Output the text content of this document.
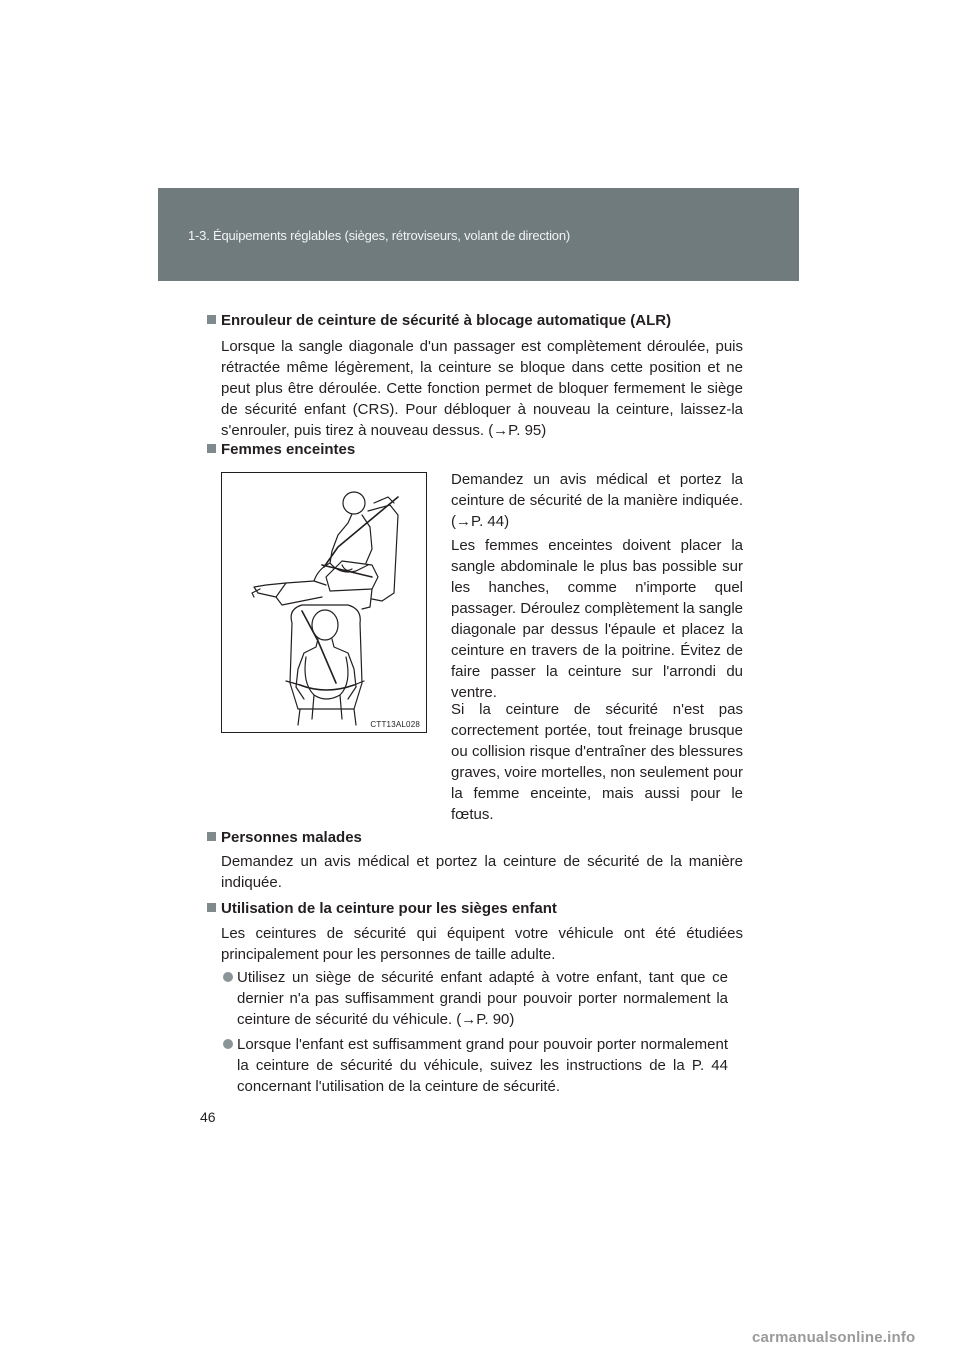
1-3. Équipements réglables (sièges, rétroviseurs, volant de direction)
Enrouleur de ceinture de sécurité à blocage automatique (ALR)
Lorsque la sangle diagonale d'un passager est complètement déroulée, puis rétractée même légèrement, la ceinture se bloque dans cette position et ne peut plus être déroulée. Cette fonction permet de bloquer fermement le siège de sécurité enfant (CRS). Pour débloquer à nouveau la ceinture, laissez-la s'enrouler, puis tirez à nouveau dessus. (→P. 95)
Femmes enceintes
Demandez un avis médical et portez la ceinture de sécurité de la manière indiquée. (→P. 44)
Les femmes enceintes doivent placer la sangle abdominale le plus bas possible sur les hanches, comme n'importe quel passager. Déroulez complètement la sangle diagonale par dessus l'épaule et placez la ceinture en travers de la poitrine. Évitez de faire passer la ceinture sur l'arrondi du ventre.
Si la ceinture de sécurité n'est pas correctement portée, tout freinage brusque ou collision risque d'entraîner des blessures graves, voire mortelles, non seulement pour la femme enceinte, mais aussi pour le fœtus.
Personnes malades
Demandez un avis médical et portez la ceinture de sécurité de la manière indiquée.
Utilisation de la ceinture pour les sièges enfant
Les ceintures de sécurité qui équipent votre véhicule ont été étudiées principalement pour les personnes de taille adulte.
Utilisez un siège de sécurité enfant adapté à votre enfant, tant que ce dernier n'a pas suffisamment grandi pour pouvoir porter normalement la ceinture de sécurité du véhicule. (→P. 90)
Lorsque l'enfant est suffisamment grand pour pouvoir porter normalement la ceinture de sécurité du véhicule, suivez les instructions de la P. 44 concernant l'utilisation de la ceinture de sécurité.
CTT13AL028
46
carmanualsonline.info
